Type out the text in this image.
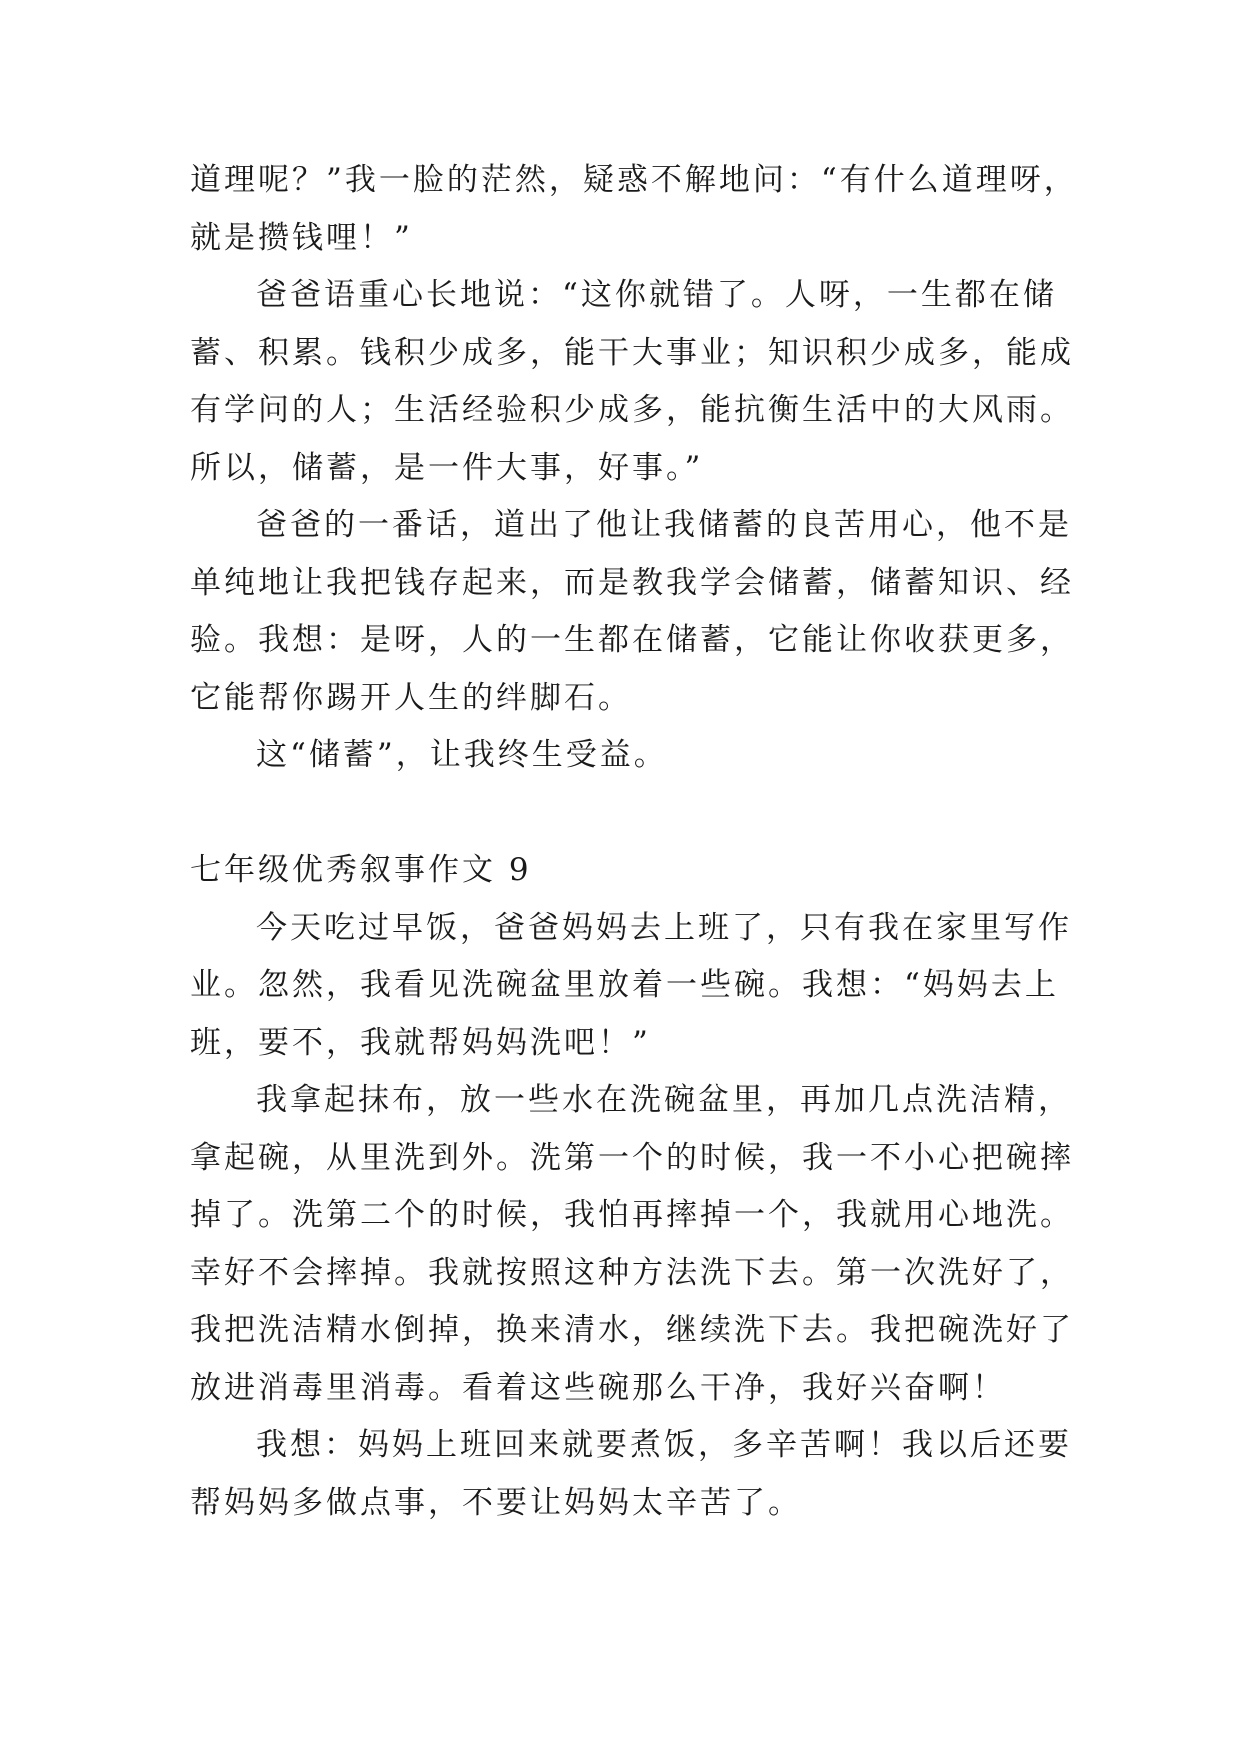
道理呢？”我一脸的茫然，疑惑不解地问：“有什么道理呀，
就是攒钱哩！”
爸爸语重心长地说：“这你就错了。人呀，一生都在储
蓄、积累。钱积少成多，能干大事业；知识积少成多，能成
有学问的人；生活经验积少成多，能抗衡生活中的大风雨。
所以，储蓄，是一件大事，好事。”
爸爸的一番话，道出了他让我储蓄的良苦用心，他不是
单纯地让我把钱存起来，而是教我学会储蓄，储蓄知识、经
验。我想：是呀，人的一生都在储蓄，它能让你收获更多，
它能帮你踢开人生的绊脚石。
这“储蓄”，让我终生受益。
七年级优秀叙事作文 9
今天吃过早饭，爸爸妈妈去上班了，只有我在家里写作
业。忽然，我看见洗碗盆里放着一些碗。我想：“妈妈去上
班，要不，我就帮妈妈洗吧！”
我拿起抹布，放一些水在洗碗盆里，再加几点洗洁精，
拿起碗，从里洗到外。洗第一个的时候，我一不小心把碗摔
掉了。洗第二个的时候，我怕再摔掉一个，我就用心地洗。
幸好不会摔掉。我就按照这种方法洗下去。第一次洗好了，
我把洗洁精水倒掉，换来清水，继续洗下去。我把碗洗好了
放进消毒里消毒。看着这些碗那么干净，我好兴奋啊！
我想：妈妈上班回来就要煮饭，多辛苦啊！我以后还要
帮妈妈多做点事，不要让妈妈太辛苦了。
